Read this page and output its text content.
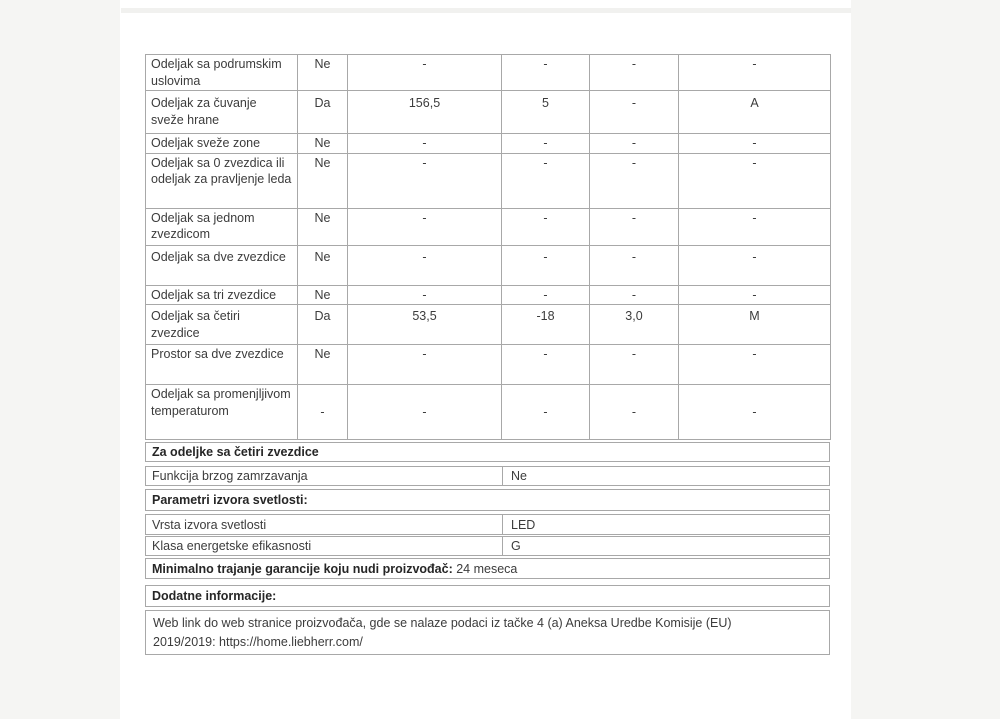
Odeljak sa podrumskim uslovima	Ne	-	-	-	-
Odeljak za čuvanje sveže hrane	Da	156,5	5	-	A
Odeljak sveže zone	Ne	-	-	-	-
Odeljak sa 0 zvezdica ili odeljak za pravljenje leda	Ne	-	-	-	-
Odeljak sa jednom zvezdicom	Ne	-	-	-	-
Odeljak sa dve zvezdice	Ne	-	-	-	-
Odeljak sa tri zvezdice	Ne	-	-	-	-
Odeljak sa četiri zvezdice	Da	53,5	-18	3,0	M
Prostor sa dve zvezdice	Ne	-	-	-	-
Odeljak sa promenjljivom temperaturom	-	-	-	-	-
Za odeljke sa četiri zvezdice
Funkcija brzog zamrzavanja	Ne
Parametri izvora svetlosti:
Vrsta izvora svetlosti	LED
Klasa energetske efikasnosti	G
Minimalno trajanje garancije koju nudi proizvođač: 24 meseca
Dodatne informacije:
Web link do web stranice proizvođača, gde se nalaze podaci iz tačke 4 (a) Aneksa Uredbe Komisije (EU)
2019/2019: https://home.liebherr.com/
